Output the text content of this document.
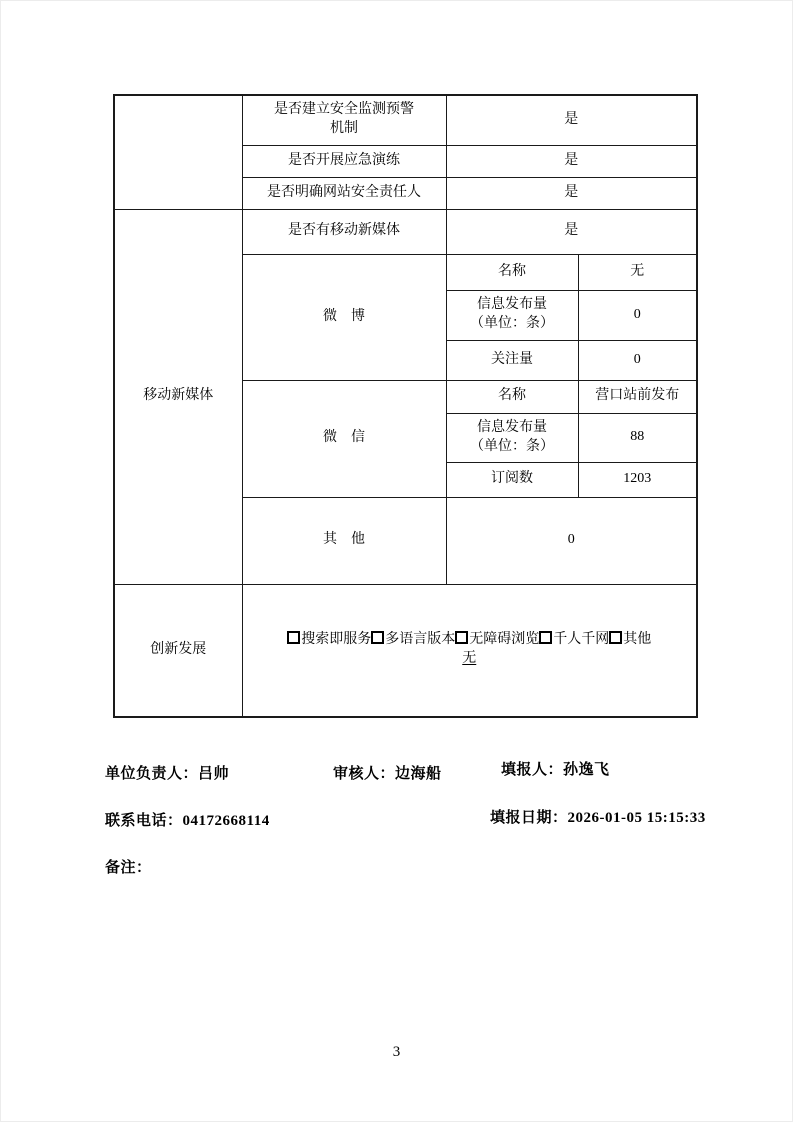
	是否建立安全监测预警
机制	是	
	是否开展应急演练	是	
	是否明确网站安全责任人	是	
移动新媒体	是否有移动新媒体	是	
	微　博	名称	无

		信息发布量
（单位：条）	0
		关注量	0
	微　信	名称	营口站前发布

		信息发布量
（单位：条）	88
		订阅数	1203
	其　他	0	
创新发展	搜索即服务 多语言版本 无障碍浏览 千人千网 其他
无		
单位负责人：吕帅	审核人：边海船	填报人：孙逸飞
联系电话：04172668114	填报日期：2026-01-05 15:15:33
备注：
3
